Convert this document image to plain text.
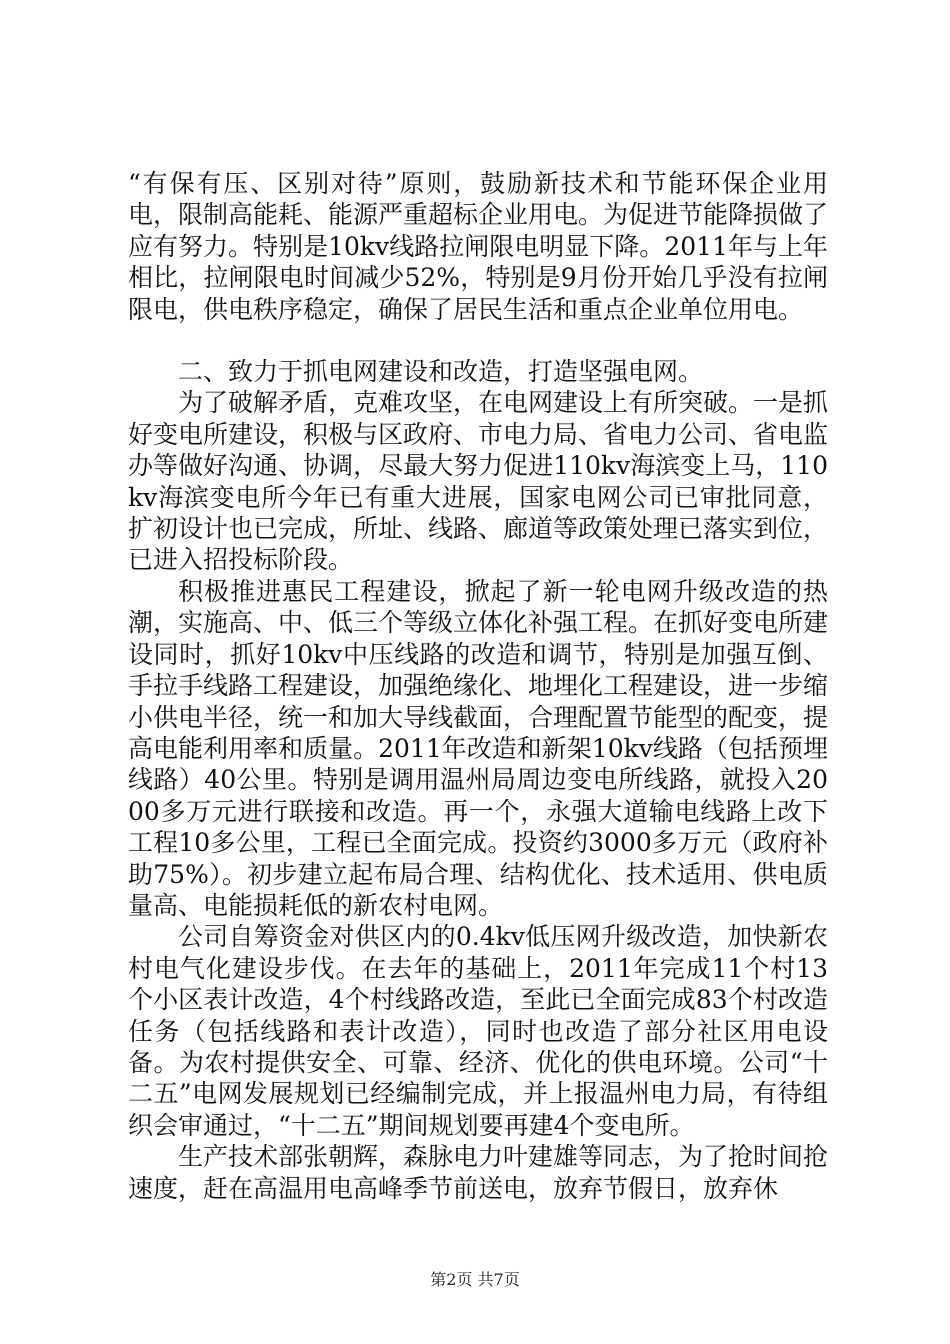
“有保有压、区别对待”原则，鼓励新技术和节能环保企业用电，限制高能耗、能源严重超标企业用电。为促进节能降损做了应有努力。特别是10kv线路拉闸限电明显下降。2011年与上年相比，拉闸限电时间减少52%，特别是9月份开始几乎没有拉闸限电，供电秩序稳定，确保了居民生活和重点企业单位用电。

二、致力于抓电网建设和改造，打造坚强电网。

为了破解矛盾，克难攻坚，在电网建设上有所突破。一是抓好变电所建设，积极与区政府、市电力局、省电力公司、省电监办等做好沟通、协调，尽最大努力促进110kv海滨变上马，110kv海滨变电所今年已有重大进展，国家电网公司已审批同意，扩初设计也已完成，所址、线路、廊道等政策处理已落实到位，已进入招投标阶段。

积极推进惠民工程建设，掀起了新一轮电网升级改造的热潮，实施高、中、低三个等级立体化补强工程。在抓好变电所建设同时，抓好10kv中压线路的改造和调节，特别是加强互倒、手拉手线路工程建设，加强绝缘化、地埋化工程建设，进一步缩小供电半径，统一和加大导线截面，合理配置节能型的配变，提高电能利用率和质量。2011年改造和新架10kv线路（包括预埋线路）40公里。特别是调用温州局周边变电所线路，就投入2000多万元进行联接和改造。再一个，永强大道输电线路上改下工程10多公里，工程已全面完成。投资约3000多万元（政府补助75%）。初步建立起布局合理、结构优化、技术适用、供电质量高、电能损耗低的新农村电网。

公司自筹资金对供区内的0.4kv低压网升级改造，加快新农村电气化建设步伐。在去年的基础上，2011年完成11个村13个小区表计改造，4个村线路改造，至此已全面完成83个村改造任务（包括线路和表计改造），同时也改造了部分社区用电设备。为农村提供安全、可靠、经济、优化的供电环境。公司“十二五”电网发展规划已经编制完成，并上报温州电力局，有待组织会审通过，“十二五”期间规划要再建4个变电所。

生产技术部张朝辉，森脉电力叶建雄等同志，为了抢时间抢速度，赶在高温用电高峰季节前送电，放弃节假日，放弃休

第2页 共7页
